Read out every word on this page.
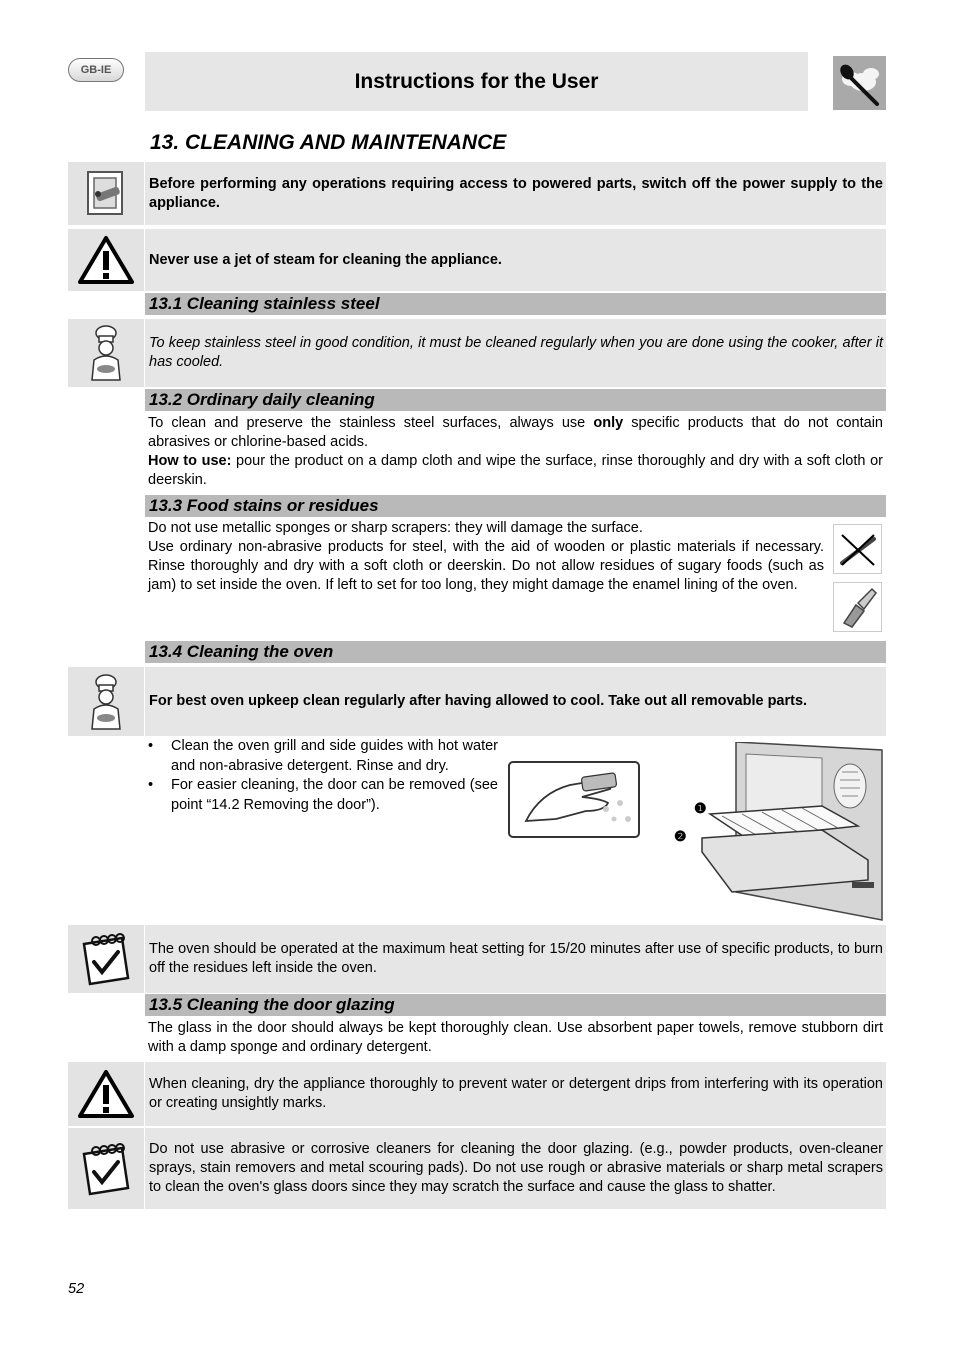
GB-IE	Instructions for the User
13. CLEANING AND MAINTENANCE
Before performing any operations requiring access to powered parts, switch off the power supply to the appliance.
Never use a jet of steam for cleaning the appliance.
13.1 Cleaning stainless steel
To keep stainless steel in good condition, it must be cleaned regularly when you are done using the cooker, after it has cooled.
13.2 Ordinary daily cleaning

To clean and preserve the stainless steel surfaces, always use only specific products that do not contain abrasives or chlorine-based acids.

How to use: pour the product on a damp cloth and wipe the surface, rinse thoroughly and dry with a soft cloth or deerskin.

13.3 Food stains or residues

Do not use metallic sponges or sharp scrapers: they will damage the surface.

Use ordinary non-abrasive products for steel, with the aid of wooden or plastic materials if necessary. Rinse thoroughly and dry with a soft cloth or deerskin. Do not allow residues of sugary foods (such as jam) to set inside the oven. If left to set for too long, they might damage the enamel lining of the oven.

13.4 Cleaning the oven
For best oven upkeep clean regularly after having allowed to cool. Take out all removable parts.
• Clean the oven grill and side guides with hot water and non-abrasive detergent. Rinse and dry.
• For easier cleaning, the door can be removed (see point “14.2 Removing the door”).	❶
❷
The oven should be operated at the maximum heat setting for 15/20 minutes after use of specific products, to burn off the residues left inside the oven.
13.5 Cleaning the door glazing

The glass in the door should always be kept thoroughly clean. Use absorbent paper towels, remove stubborn dirt with a damp sponge and ordinary detergent.

When cleaning, dry the appliance thoroughly to prevent water or detergent drips from interfering with its operation or creating unsightly marks.
Do not use abrasive or corrosive cleaners for cleaning the door glazing. (e.g., powder products, oven-cleaner sprays, stain removers and metal scouring pads). Do not use rough or abrasive materials or sharp metal scrapers to clean the oven's glass doors since they may scratch the surface and cause the glass to shatter.
52
